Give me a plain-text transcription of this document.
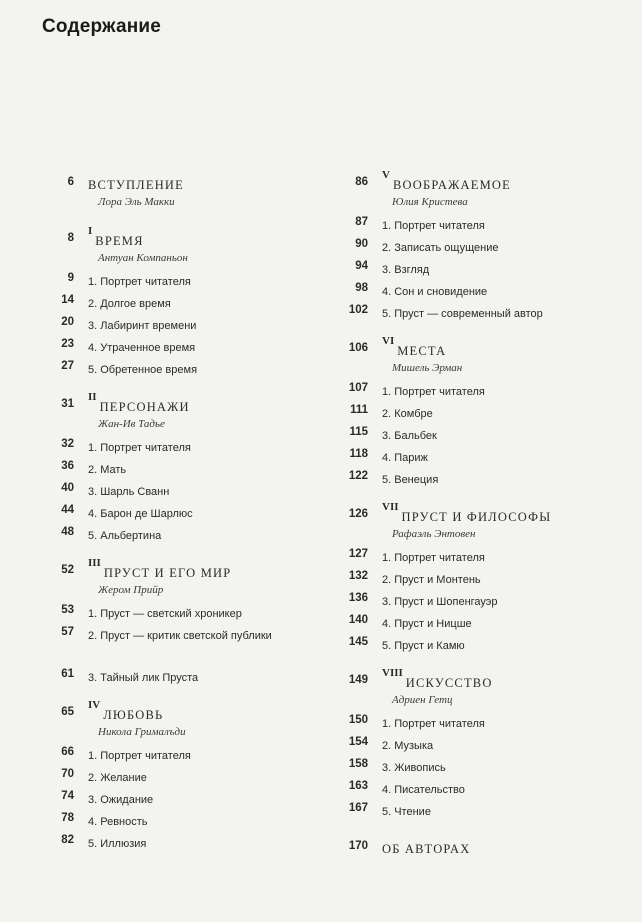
Содержание
6 ВСТУПЛЕНИЕ
Лора Эль Макки
8
$^I$ВРЕМЯ
Антуан Компаньон
9 1. Портрет читателя
14 2. Долгое время
20 3. Лабиринт времени
23 4. Утраченное время
27 5. Обретенное время
31
$^{II}$ПЕРСОНАЖИ
Жан-Ив Тадье
32 1. Портрет читателя
36 2. Мать
40 3. Шарль Сванн
44 4. Барон де Шарлюс
48 5. Альбертина
52
$^{III}$ПРУСТ И ЕГО МИР
Жером Прийр
53 1. Пруст — светский хроникер
57 2. Пруст — критик светской публики
61 3. Тайный лик Пруста
65
$^{IV}$ЛЮБОВЬ
Никола Грималъди
66 1. Портрет читателя
70 2. Желание
74 3. Ожидание
78 4. Ревность
82 5. Иллюзия
86
$^V$ВООБРАЖАЕМОЕ
Юлия Кристева
87 1. Портрет читателя
90 2. Записать ощущение
94 3. Взгляд
98 4. Сон и сновидение
102 5. Пруст — современный автор
106
$^{VI}$МЕСТА
Мишель Эрман
107 1. Портрет читателя
111 2. Комбре
115 3. Бальбек
118 4. Париж
122 5. Венеция
126
$^{VII}$ПРУСТ И ФИЛОСОФЫ
Рафаэль Энтовен
127 1. Портрет читателя
132 2. Пруст и Монтень
136 3. Пруст и Шопенгауэр
140 4. Пруст и Ницше
145 5. Пруст и Камю
149
$^{VIII}$ИСКУССТВО
Адриен Гетц
150 1. Портрет читателя
154 2. Музыка
158 3. Живопись
163 4. Писательство
167 5. Чтение
170 ОБ АВТОРАХ
